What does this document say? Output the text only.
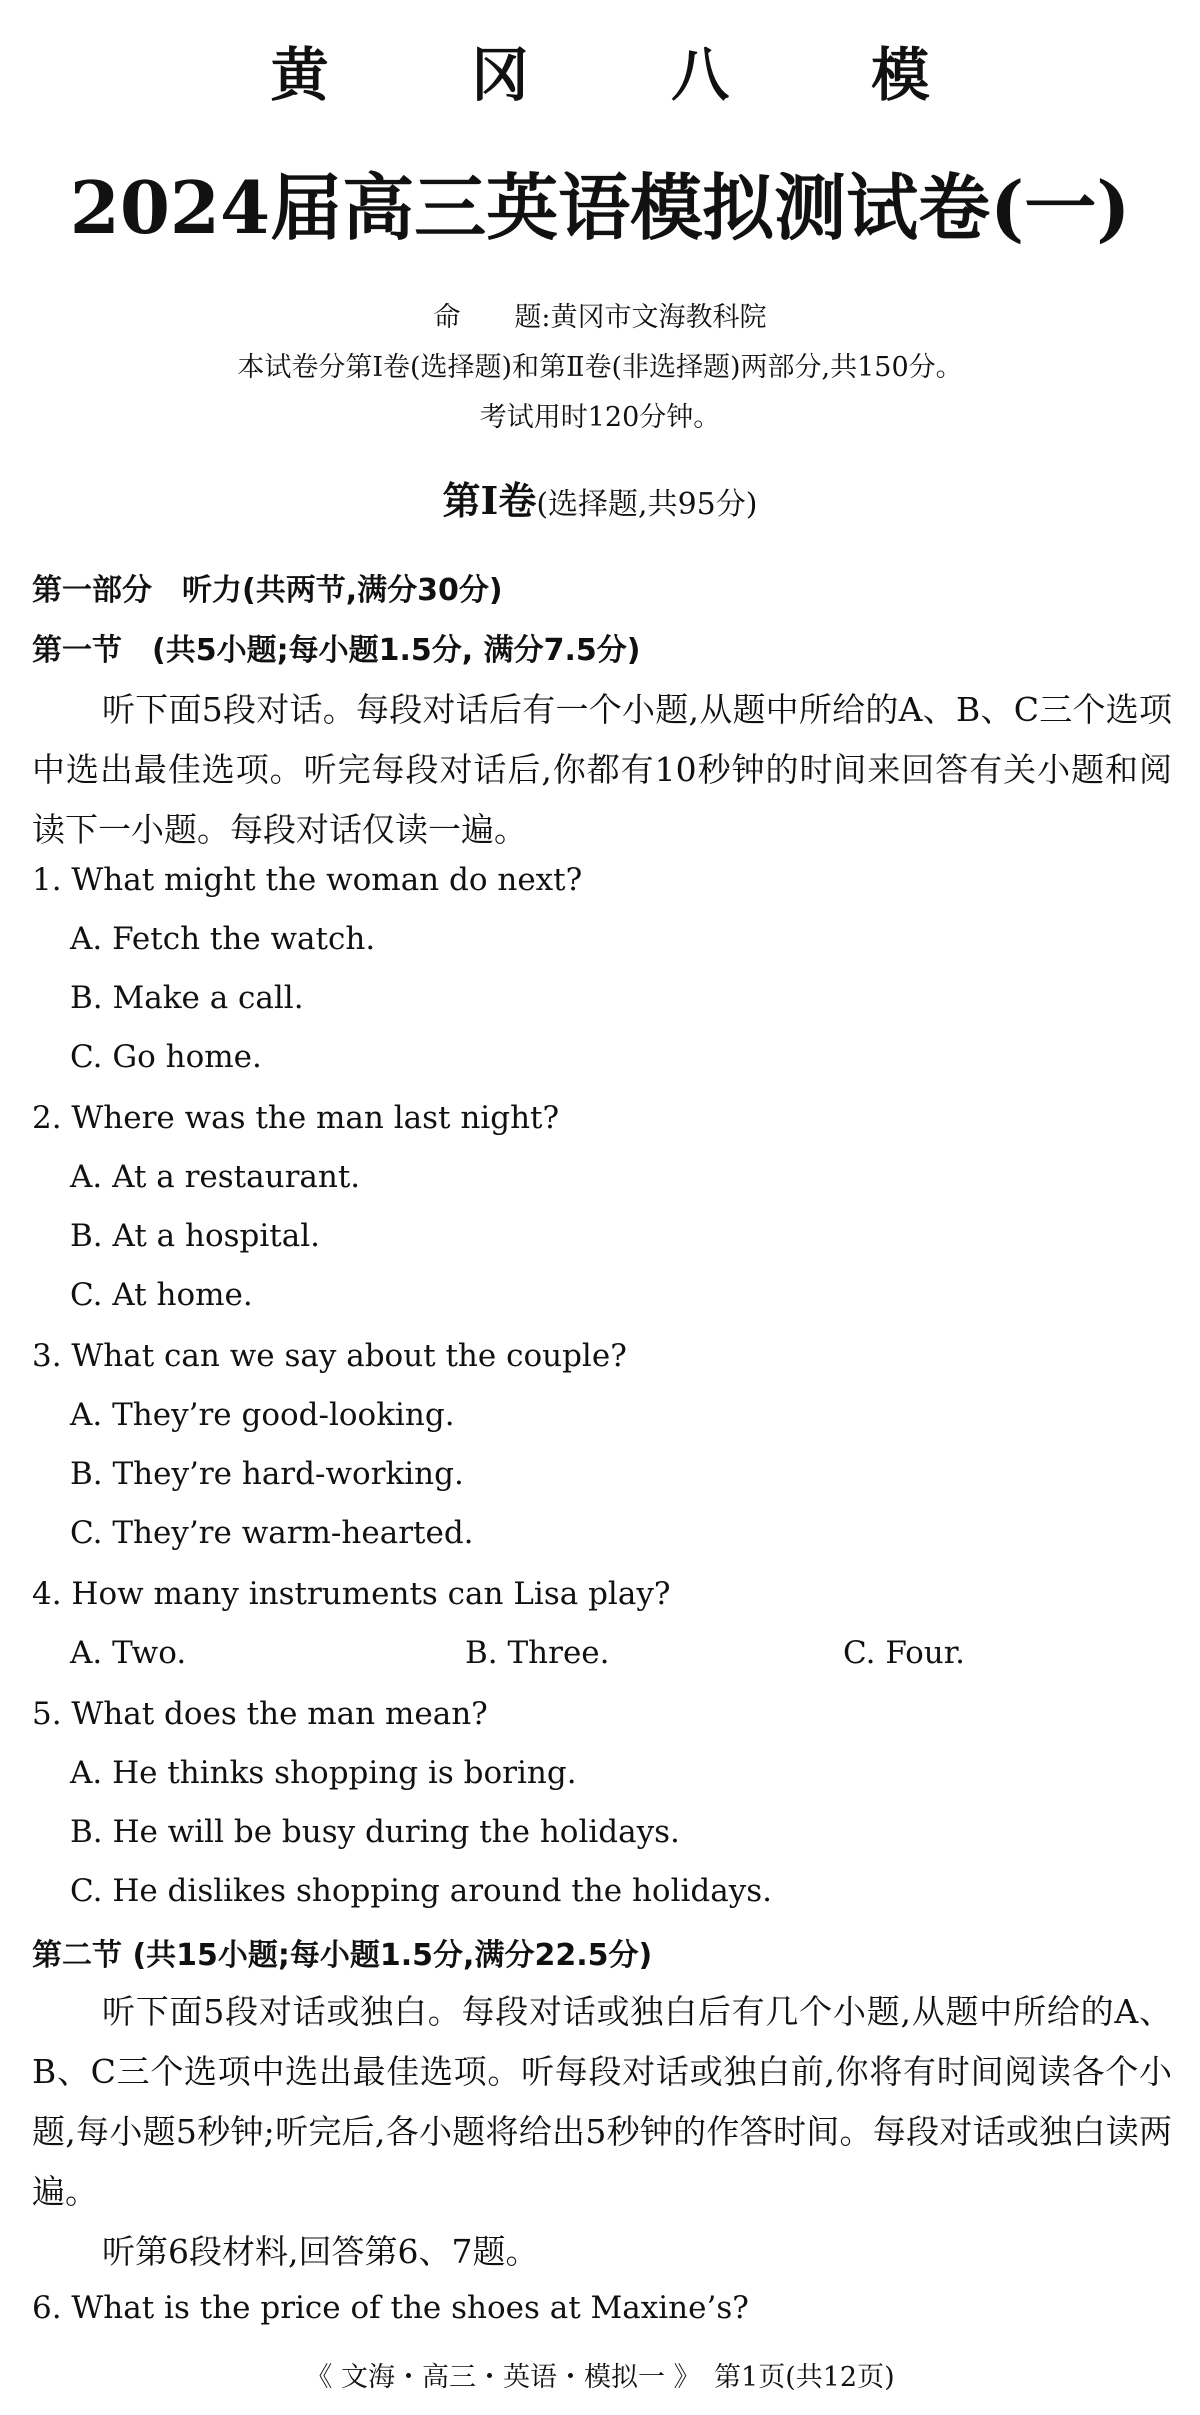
黄 冈 八 模
2024届高三英语模拟测试卷(一)
命　　题:黄冈市文海教科院
本试卷分第Ⅰ卷(选择题)和第Ⅱ卷(非选择题)两部分,共150分。
考试用时120分钟。
第Ⅰ卷(选择题,共95分)
第一部分　听力(共两节,满分30分)
第一节　(共5小题;每小题1.5分, 满分7.5分)
听下面5段对话。每段对话后有一个小题,从题中所给的A、B、C三个选项中选出最佳选项。听完每段对话后,你都有10秒钟的时间来回答有关小题和阅读下一小题。每段对话仅读一遍。
1. What might the woman do next?
A. Fetch the watch.
B. Make a call.
C. Go home.
2. Where was the man last night?
A. At a restaurant.
B. At a hospital.
C. At home.
3. What can we say about the couple?
A. They’re good-looking.
B. They’re hard-working.
C. They’re warm-hearted.
4. How many instruments can Lisa play?
A. Two.	B. Three.	C. Four.
5. What does the man mean?
A. He thinks shopping is boring.
B. He will be busy during the holidays.
C. He dislikes shopping around the holidays.
第二节 (共15小题;每小题1.5分,满分22.5分)
听下面5段对话或独白。每段对话或独白后有几个小题,从题中所给的A、B、C三个选项中选出最佳选项。听每段对话或独白前,你将有时间阅读各个小题,每小题5秒钟;听完后,各小题将给出5秒钟的作答时间。每段对话或独白读两遍。
听第6段材料,回答第6、7题。
6. What is the price of the shoes at Maxine’s?
《 文海・高三・英语・模拟一 》　第1页(共12页)
